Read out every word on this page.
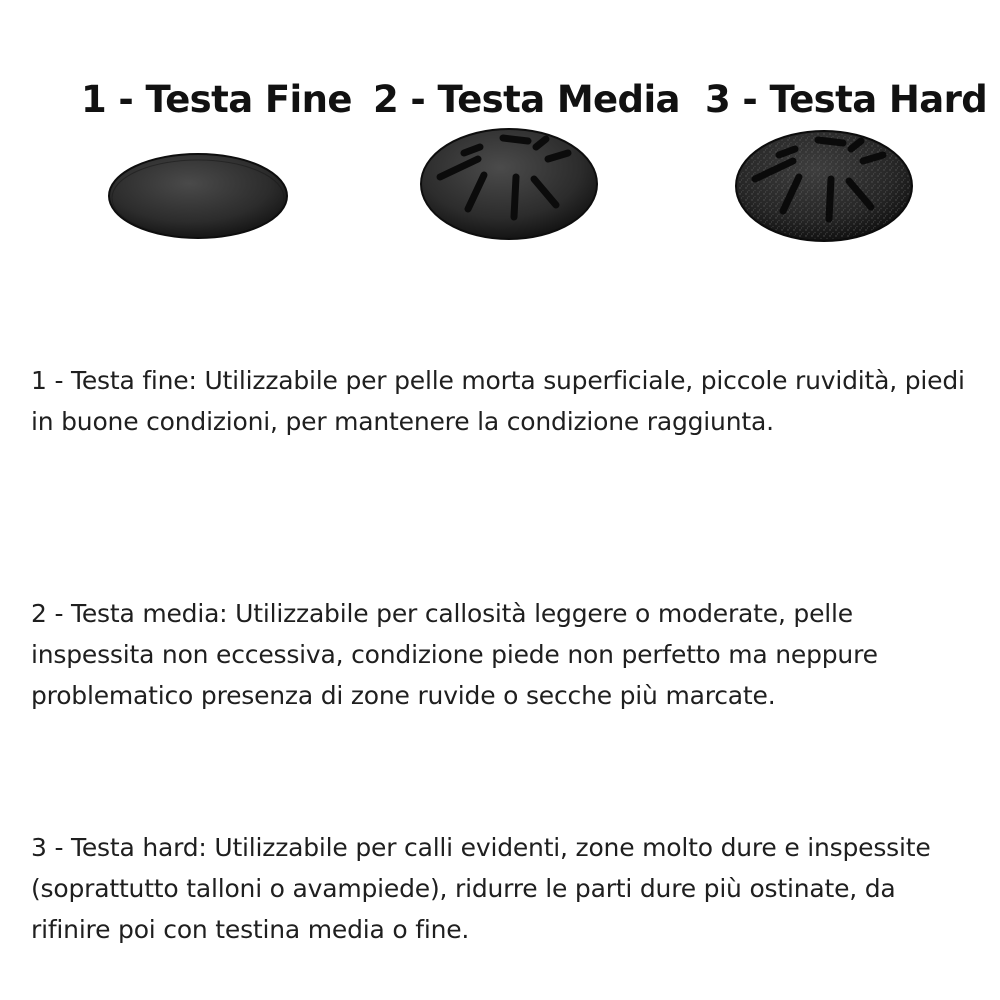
1 - Testa Fine 2 - Testa Media 3 - Testa Hard
1 - Testa fine: Utilizzabile per pelle morta superficiale, piccole ruvidità, piedi in buone condizioni, per mantenere la condizione raggiunta.
2 - Testa media: Utilizzabile per callosità leggere o moderate, pelle inspessita non eccessiva, condizione piede non perfetto ma neppure problematico presenza di zone ruvide o secche più marcate.
3 - Testa hard: Utilizzabile per calli evidenti, zone molto dure e inspessite (soprattutto talloni o avampiede), ridurre le parti dure più ostinate, da rifinire poi con testina media o fine.
